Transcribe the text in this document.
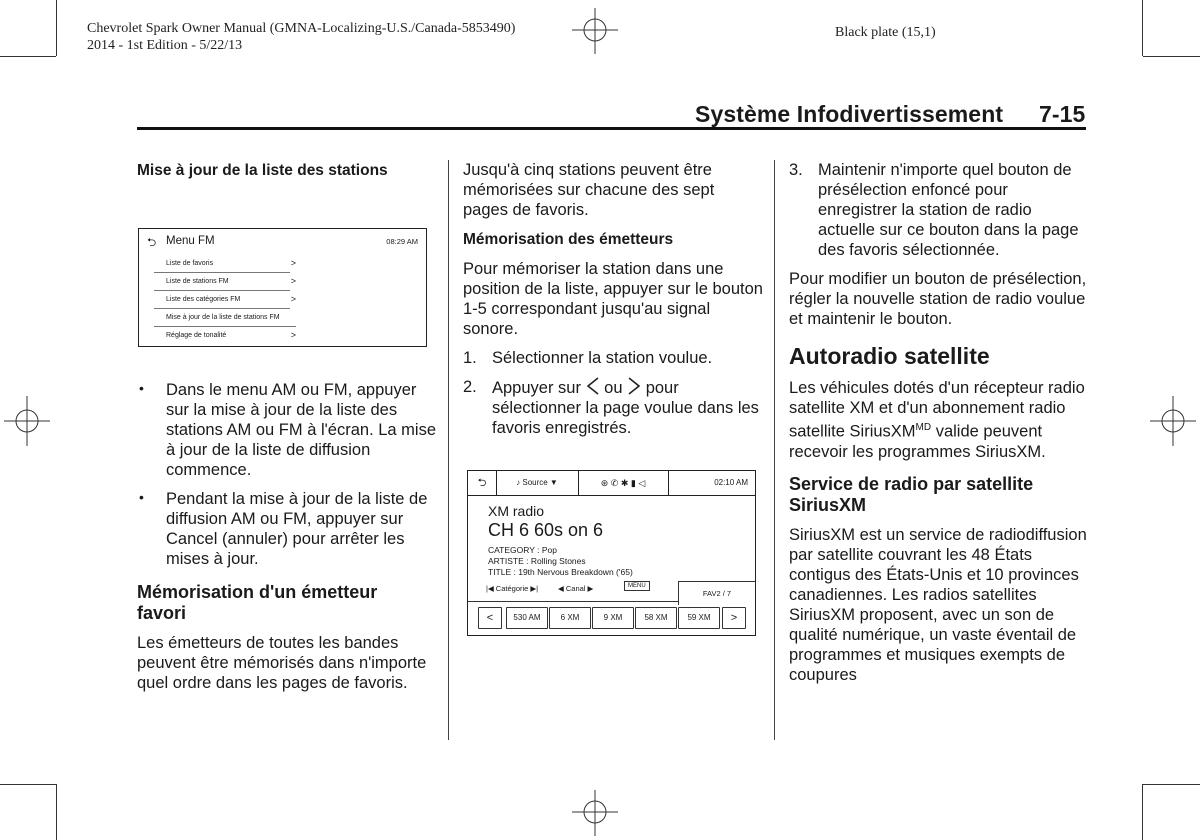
Chevrolet Spark Owner Manual (GMNA-Localizing-U.S./Canada-5853490)
2014 - 1st Edition - 5/22/13
Black plate (15,1)
Système Infodivertissement 7-15

Mise à jour de la liste des stations

⮌ Menu FM	08:29 AM
Liste de favoris	>
Liste de stations FM	>
Liste des catégories FM	>
Mise à jour de la liste de stations FM
Réglage de tonalité	>

• Dans le menu AM ou FM, appuyer sur la mise à jour de la liste des stations AM ou FM à l'écran. La mise à jour de la liste de diffusion commence.

• Pendant la mise à jour de la liste de diffusion AM ou FM, appuyer sur Cancel (annuler) pour arrêter les mises à jour.

Mémorisation d'un émetteur favori

Les émetteurs de toutes les bandes peuvent être mémorisés dans n'importe quel ordre dans les pages de favoris.

Jusqu'à cinq stations peuvent être mémorisées sur chacune des sept pages de favoris.

Mémorisation des émetteurs

Pour mémoriser la station dans une position de la liste, appuyer sur le bouton 1-5 correspondant jusqu'au signal sonore.

1. Sélectionner la station voulue.

2. Appuyer sur ou pour
sélectionner la page voulue dans les favoris enregistrés.

⮌	♪ Source ▼	⊛ ✆ ✱ ▮ ◁	02:10 AM
XM radio
CH 6 60s on 6
CATEGORY : Pop
ARTISTE : Rolling Stones
TITLE : 19th Nervous Breakdown ('65)
|◀ Catégorie ▶|	◀ Canal ▶	MENU
FAV2 / 7
<	530 AM	6 XM	9 XM	58 XM	59 XM	>

3. Maintenir n'importe quel bouton de présélection enfoncé pour enregistrer la station de radio actuelle sur ce bouton dans la page des favoris sélectionnée.

Pour modifier un bouton de présélection, régler la nouvelle station de radio voulue et maintenir le bouton.

Autoradio satellite

Les véhicules dotés d'un récepteur radio satellite XM et d'un abonnement radio satellite SiriusXM$^{MD}$ valide peuvent recevoir les programmes SiriusXM.

Service de radio par satellite SiriusXM

SiriusXM est un service de radiodiffusion par satellite couvrant les 48 États contigus des États-Unis et 10 provinces canadiennes. Les radios satellites SiriusXM proposent, avec un son de qualité numérique, un vaste éventail de programmes et musiques exempts de coupures
